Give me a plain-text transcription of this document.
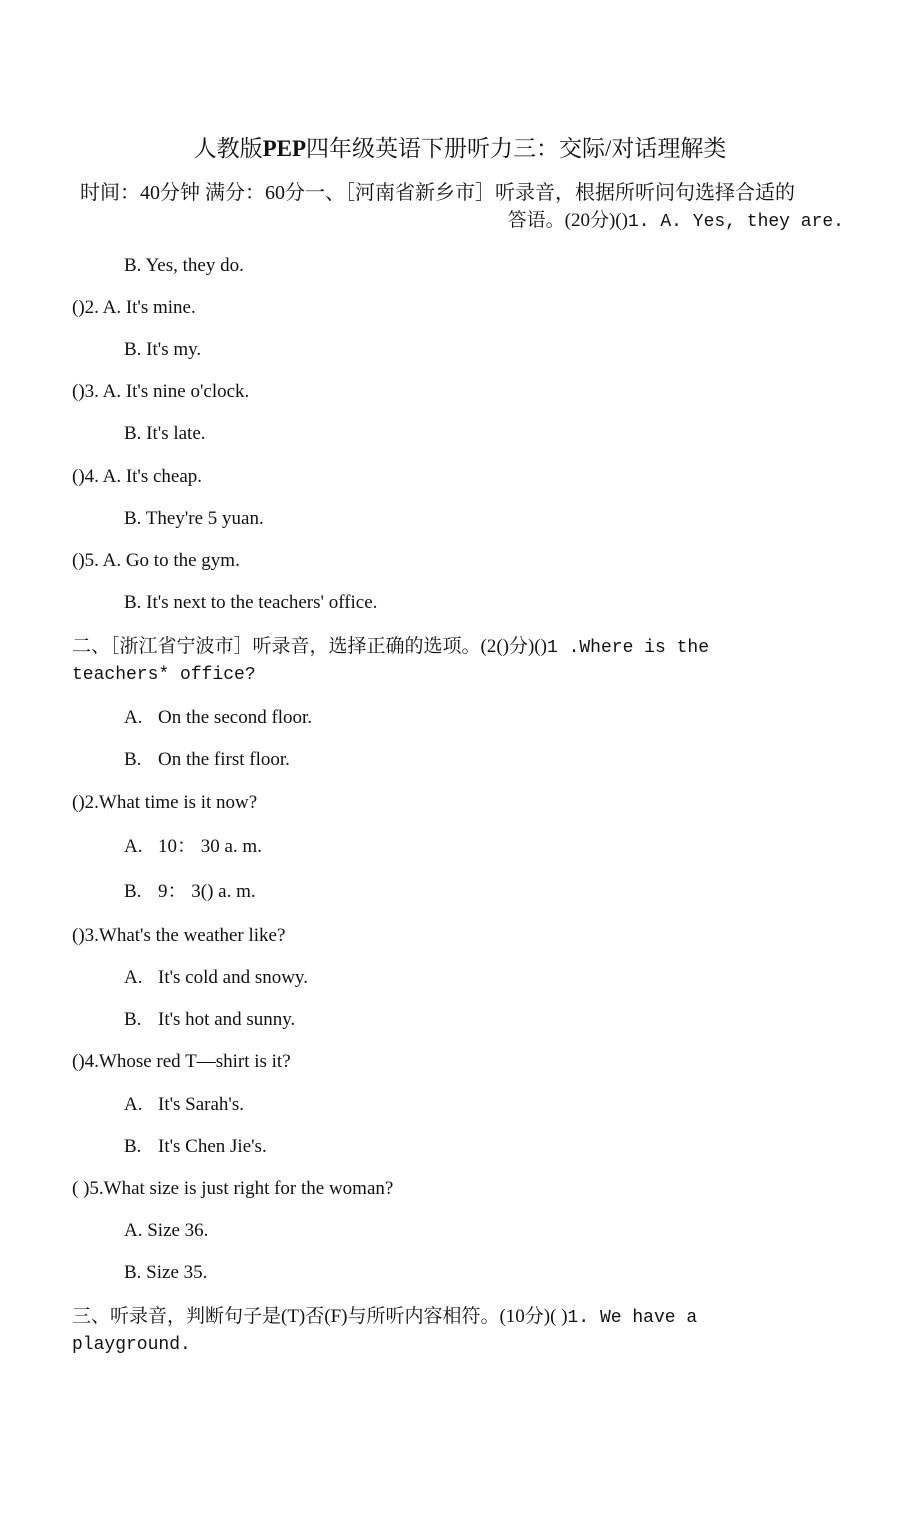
人教版PEP四年级英语下册听力三：交际/对话理解类
时间：40分钟 满分：60分一、［河南省新乡市］听录音，根据所听问句选择合适的
答语。(20分)()1. A. Yes, they are.
B. Yes, they do.
()2. A. It's mine.
B. It's my.
()3. A. It's nine o'clock.
B. It's late.
()4. A. It's cheap.
B. They're 5 yuan.
()5. A. Go to the gym.
B. It's next to the teachers' office.
二、［浙江省宁波市］听录音，选择正确的选项。(2()分)()1 .Where is the
teachers* office?
A. On the second floor.
B. On the first floor.
()2.What time is it now?
A. 10： 30 a. m.
B. 9： 3() a. m.
()3.What's the weather like?
A. It's cold and snowy.
B. It's hot and sunny.
()4.Whose red T—shirt is it?
A. It's Sarah's.
B. It's Chen Jie's.
( )5.What size is just right for the woman?
A. Size 36.
B. Size 35.
三、听录音，判断句子是(T)否(F)与所听内容相符。(10分)( )1. We have a
playground.
